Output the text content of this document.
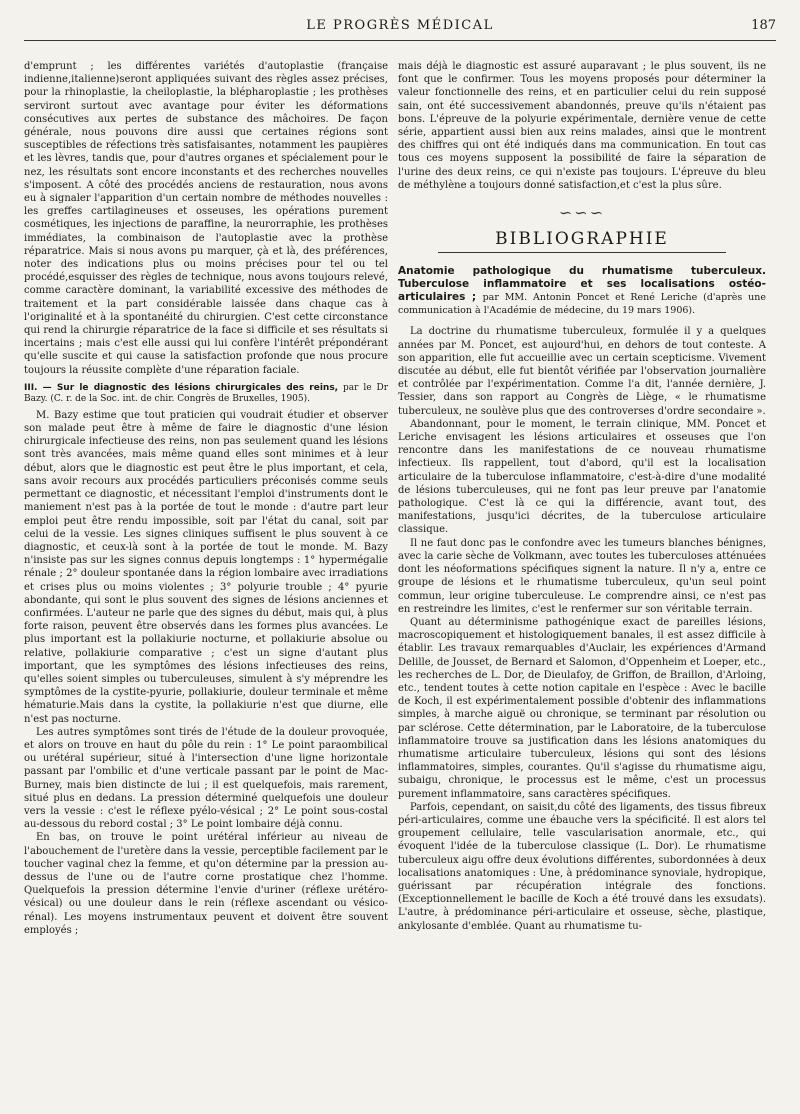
LE PROGRÈS MÉDICAL	187

d'emprunt ; les différentes variétés d'autoplastie (française indienne,italienne)seront appliquées suivant des règles assez précises, pour la rhinoplastie, la cheiloplastie, la blépharoplastie ; les prothèses serviront surtout avec avantage pour éviter les déformations consécutives aux pertes de substance des mâchoires. De façon générale, nous pouvons dire aussi que certaines régions sont susceptibles de réfections très satisfaisantes, notamment les paupières et les lèvres, tandis que, pour d'autres organes et spécialement pour le nez, les résultats sont encore inconstants et des recherches nouvelles s'imposent. A côté des procédés anciens de restauration, nous avons eu à signaler l'apparition d'un certain nombre de méthodes nouvelles : les greffes cartilagineuses et osseuses, les opérations purement cosmétiques, les injections de paraffine, la neurorraphie, les prothèses immédiates, la combinaison de l'autoplastie avec la prothèse réparatrice. Mais si nous avons pu marquer, çà et là, des préférences, noter des indications plus ou moins précises pour tel ou tel procédé,esquisser des règles de technique, nous avons toujours relevé, comme caractère dominant, la variabilité excessive des méthodes de traitement et la part considérable laissée dans chaque cas à l'originalité et à la spontanéité du chirurgien. C'est cette circonstance qui rend la chirurgie réparatrice de la face si difficile et ses résultats si incertains ; mais c'est elle aussi qui lui confère l'intérêt prépondérant qu'elle suscite et qui cause la satisfaction profonde que nous procure toujours la réussite complète d'une réparation faciale.

III. — Sur le diagnostic des lésions chirurgicales des reins, par le Dr Bazy. (C. r. de la Soc. int. de chir. Congrès de Bruxelles, 1905).

M. Bazy estime que tout praticien qui voudrait étudier et observer son malade peut être à même de faire le diagnostic d'une lésion chirurgicale infectieuse des reins, non pas seulement quand les lésions sont très avancées, mais même quand elles sont minimes et à leur début, alors que le diagnostic est peut être le plus important, et cela, sans avoir recours aux procédés particuliers préconisés comme seuls permettant ce diagnostic, et nécessitant l'emploi d'instruments dont le maniement n'est pas à la portée de tout le monde : d'autre part leur emploi peut être rendu impossible, soit par l'état du canal, soit par celui de la vessie. Les signes cliniques suffisent le plus souvent à ce diagnostic, et ceux-là sont à la portée de tout le monde. M. Bazy n'insiste pas sur les signes connus depuis longtemps : 1° hypermégalie rénale ; 2° douleur spontanée dans la région lombaire avec irradiations et crises plus ou moins violentes ; 3° polyurie trouble ; 4° pyurie abondante, qui sont le plus souvent des signes de lésions anciennes et confirmées. L'auteur ne parle que des signes du début, mais qui, à plus forte raison, peuvent être observés dans les formes plus avancées. Le plus important est la pollakiurie nocturne, et pollakiurie absolue ou relative, pollakiurie comparative ; c'est un signe d'autant plus important, que les symptômes des lésions infectieuses des reins, qu'elles soient simples ou tuberculeuses, simulent à s'y méprendre les symptômes de la cystite-pyurie, pollakiurie, douleur terminale et même hématurie.Mais dans la cystite, la pollakiurie n'est que diurne, elle n'est pas nocturne.

Les autres symptômes sont tirés de l'étude de la douleur provoquée, et alors on trouve en haut du pôle du rein : 1° Le point paraombilical ou urétéral supérieur, situé à l'intersection d'une ligne horizontale passant par l'ombilic et d'une verticale passant par le point de Mac-Burney, mais bien distincte de lui ; il est quelquefois, mais rarement, situé plus en dedans. La pression déterminé quelquefois une douleur vers la vessie : c'est le réflexe pyélo-vésical ; 2° Le point sous-costal au-dessous du rebord costal ; 3° Le point lombaire déjà connu.

En bas, on trouve le point urétéral inférieur au niveau de l'abouchement de l'uretère dans la vessie, perceptible facilement par le toucher vaginal chez la femme, et qu'on détermine par la pression au-dessus de l'une ou de l'autre corne prostatique chez l'homme. Quelquefois la pression détermine l'envie d'uriner (réflexe urétéro-vésical) ou une douleur dans le rein (réflexe ascendant ou vésico-rénal). Les moyens instrumentaux peuvent et doivent être souvent employés ;

mais déjà le diagnostic est assuré auparavant ; le plus souvent, ils ne font que le confirmer. Tous les moyens proposés pour déterminer la valeur fonctionnelle des reins, et en particulier celui du rein supposé sain, ont été successivement abandonnés, preuve qu'ils n'étaient pas bons. L'épreuve de la polyurie expérimentale, dernière venue de cette série, appartient aussi bien aux reins malades, ainsi que le montrent des chiffres qui ont été indiqués dans ma communication. En tout cas tous ces moyens supposent la possibilité de faire la séparation de l'urine des deux reins, ce qui n'existe pas toujours. L'épreuve du bleu de méthylène a toujours donné satisfaction,et c'est la plus sûre.

∽∽∽
BIBLIOGRAPHIE

Anatomie pathologique du rhumatisme tuberculeux. Tuberculose inflammatoire et ses localisations ostéo-articulaires ; par MM. Antonin Poncet et René Leriche (d'après une communication à l'Académie de médecine, du 19 mars 1906).

La doctrine du rhumatisme tuberculeux, formulée il y a quelques années par M. Poncet, est aujourd'hui, en dehors de tout conteste. A son apparition, elle fut accueillie avec un certain scepticisme. Vivement discutée au début, elle fut bientôt vérifiée par l'observation journalière et contrôlée par l'expérimentation. Comme l'a dit, l'année dernière, J. Tessier, dans son rapport au Congrès de Liège, « le rhumatisme tuberculeux, ne soulève plus que des controverses d'ordre secondaire ».

Abandonnant, pour le moment, le terrain clinique, MM. Poncet et Leriche envisagent les lésions articulaires et osseuses que l'on rencontre dans les manifestations de ce nouveau rhumatisme infectieux. Ils rappellent, tout d'abord, qu'il est la localisation articulaire de la tuberculose inflammatoire, c'est-à-dire d'une modalité de lésions tuberculeuses, qui ne font pas leur preuve par l'anatomie pathologique. C'est là ce qui la différencie, avant tout, des manifestations, jusqu'ici décrites, de la tuberculose articulaire classique.

Il ne faut donc pas le confondre avec les tumeurs blanches bénignes, avec la carie sèche de Volkmann, avec toutes les tuberculoses atténuées dont les néoformations spécifiques signent la nature. Il n'y a, entre ce groupe de lésions et le rhumatisme tuberculeux, qu'un seul point commun, leur origine tuberculeuse. Le comprendre ainsi, ce n'est pas en restreindre les limites, c'est le renfermer sur son véritable terrain.

Quant au déterminisme pathogénique exact de pareilles lésions, macroscopiquement et histologiquement banales, il est assez difficile à établir. Les travaux remarquables d'Auclair, les expériences d'Armand Delille, de Jousset, de Bernard et Salomon, d'Oppenheim et Loeper, etc., les recherches de L. Dor, de Dieulafoy, de Griffon, de Braillon, d'Arloing, etc., tendent toutes à cette notion capitale en l'espèce : Avec le bacille de Koch, il est expérimentalement possible d'obtenir des inflammations simples, à marche aiguë ou chronique, se terminant par résolution ou par sclérose. Cette détermination, par le Laboratoire, de la tuberculose inflammatoire trouve sa justification dans les lésions anatomiques du rhumatisme articulaire tuberculeux, lésions qui sont des lésions inflammatoires, simples, courantes. Qu'il s'agisse du rhumatisme aigu, subaigu, chronique, le processus est le même, c'est un processus purement inflammatoire, sans caractères spécifiques.

Parfois, cependant, on saisit,du côté des ligaments, des tissus fibreux péri-articulaires, comme une ébauche vers la spécificité. Il est alors tel groupement cellulaire, telle vascularisation anormale, etc., qui évoquent l'idée de la tuberculose classique (L. Dor). Le rhumatisme tuberculeux aigu offre deux évolutions différentes, subordonnées à deux localisations anatomiques : Une, à prédominance synoviale, hydropique, guérissant par récupération intégrale des fonctions.(Exceptionnellement le bacille de Koch a été trouvé dans les exsudats). L'autre, à prédominance péri-articulaire et osseuse, sèche, plastique, ankylosante d'emblée. Quant au rhumatisme tu-
